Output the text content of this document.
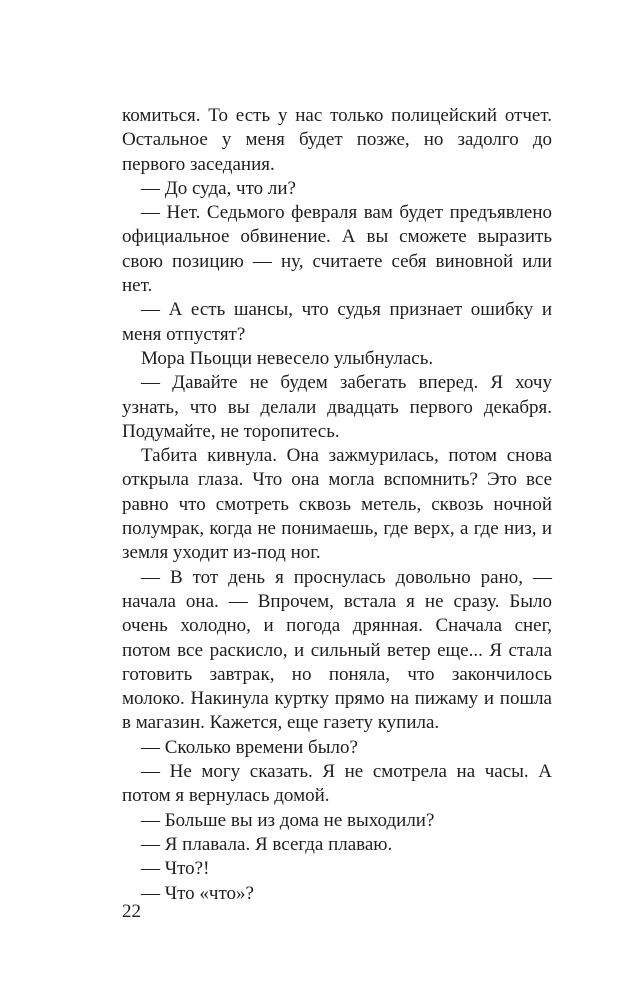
комиться. То есть у нас только полицейский отчет. Остальное у меня будет позже, но задолго до первого заседания.

— До суда, что ли?

— Нет. Седьмого февраля вам будет предъявлено официальное обвинение. А вы сможете выразить свою позицию — ну, считаете себя виновной или нет.

— А есть шансы, что судья признает ошибку и меня отпустят?

Мора Пьоцци невесело улыбнулась.

— Давайте не будем забегать вперед. Я хочу узнать, что вы делали двадцать первого декабря. Подумайте, не торопитесь.

Табита кивнула. Она зажмурилась, потом снова открыла глаза. Что она могла вспомнить? Это все равно что смотреть сквозь метель, сквозь ночной полумрак, когда не понимаешь, где верх, а где низ, и земля уходит из-под ног.

— В тот день я проснулась довольно рано, — начала она. — Впрочем, встала я не сразу. Было очень холодно, и погода дрянная. Сначала снег, потом все раскисло, и сильный ветер еще... Я стала готовить завтрак, но поняла, что закончилось молоко. Накинула куртку прямо на пижаму и пошла в магазин. Кажется, еще газету купила.

— Сколько времени было?

— Не могу сказать. Я не смотрела на часы. А потом я вернулась домой.

— Больше вы из дома не выходили?

— Я плавала. Я всегда плаваю.

— Что?!

— Что «что»?

22
